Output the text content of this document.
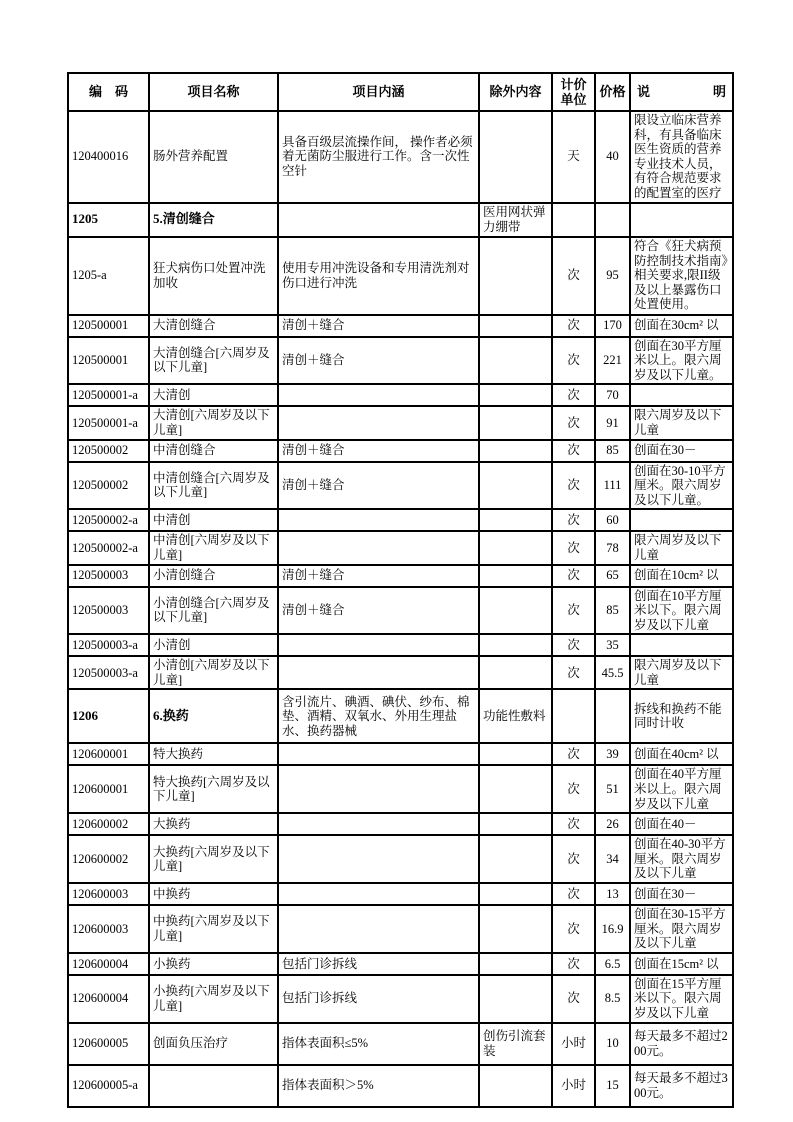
编　码	项目名称	项目内涵	除外内容	计价单位	价格	说 明
120400016	肠外营养配置	具备百级层流操作间， 操作者必须着无菌防尘服进行工作。含一次性空针		天	40	限设立临床营养科，有具备临床医生资质的营养专业技术人员，有符合规范要求的配置室的医疗
1205	5.清创缝合		医用网状弹力绷带			
1205-a	狂犬病伤口处置冲洗加收	使用专用冲洗设备和专用清洗剂对伤口进行冲洗		次	95	符合《狂犬病预防控制技术指南》相关要求,限II级及以上暴露伤口处置使用。
120500001	大清创缝合	清创＋缝合		次	170	创面在30cm² 以
120500001	大清创缝合[六周岁及以下儿童]	清创＋缝合		次	221	创面在30平方厘米以上。限六周岁及以下儿童。
120500001-a	大清创			次	70	
120500001-a	大清创[六周岁及以下儿童]			次	91	限六周岁及以下儿童
120500002	中清创缝合	清创＋缝合		次	85	创面在30－
120500002	中清创缝合[六周岁及以下儿童]	清创＋缝合		次	111	创面在30-10平方厘米。限六周岁及以下儿童。
120500002-a	中清创			次	60	
120500002-a	中清创[六周岁及以下儿童]			次	78	限六周岁及以下儿童
120500003	小清创缝合	清创＋缝合		次	65	创面在10cm² 以
120500003	小清创缝合[六周岁及以下儿童]	清创＋缝合		次	85	创面在10平方厘米以下。限六周岁及以下儿童
120500003-a	小清创			次	35	
120500003-a	小清创[六周岁及以下儿童]			次	45.5	限六周岁及以下儿童
1206	6.换药	含引流片、碘酒、碘伏、纱布、棉垫、酒精、双氧水、外用生理盐水、换药器械	功能性敷料			拆线和换药不能同时计收
120600001	特大换药			次	39	创面在40cm² 以
120600001	特大换药[六周岁及以下儿童]			次	51	创面在40平方厘米以上。限六周岁及以下儿童
120600002	大换药			次	26	创面在40－
120600002	大换药[六周岁及以下儿童]			次	34	创面在40-30平方厘米。限六周岁及以下儿童
120600003	中换药			次	13	创面在30－
120600003	中换药[六周岁及以下儿童]			次	16.9	创面在30-15平方厘米。限六周岁及以下儿童
120600004	小换药	包括门诊拆线		次	6.5	创面在15cm² 以
120600004	小换药[六周岁及以下儿童]	包括门诊拆线		次	8.5	创面在15平方厘米以下。限六周岁及以下儿童
120600005	创面负压治疗	指体表面积≤5%	创伤引流套装	小时	10	每天最多不超过200元。
120600005-a		指体表面积＞5%		小时	15	每天最多不超过300元。
